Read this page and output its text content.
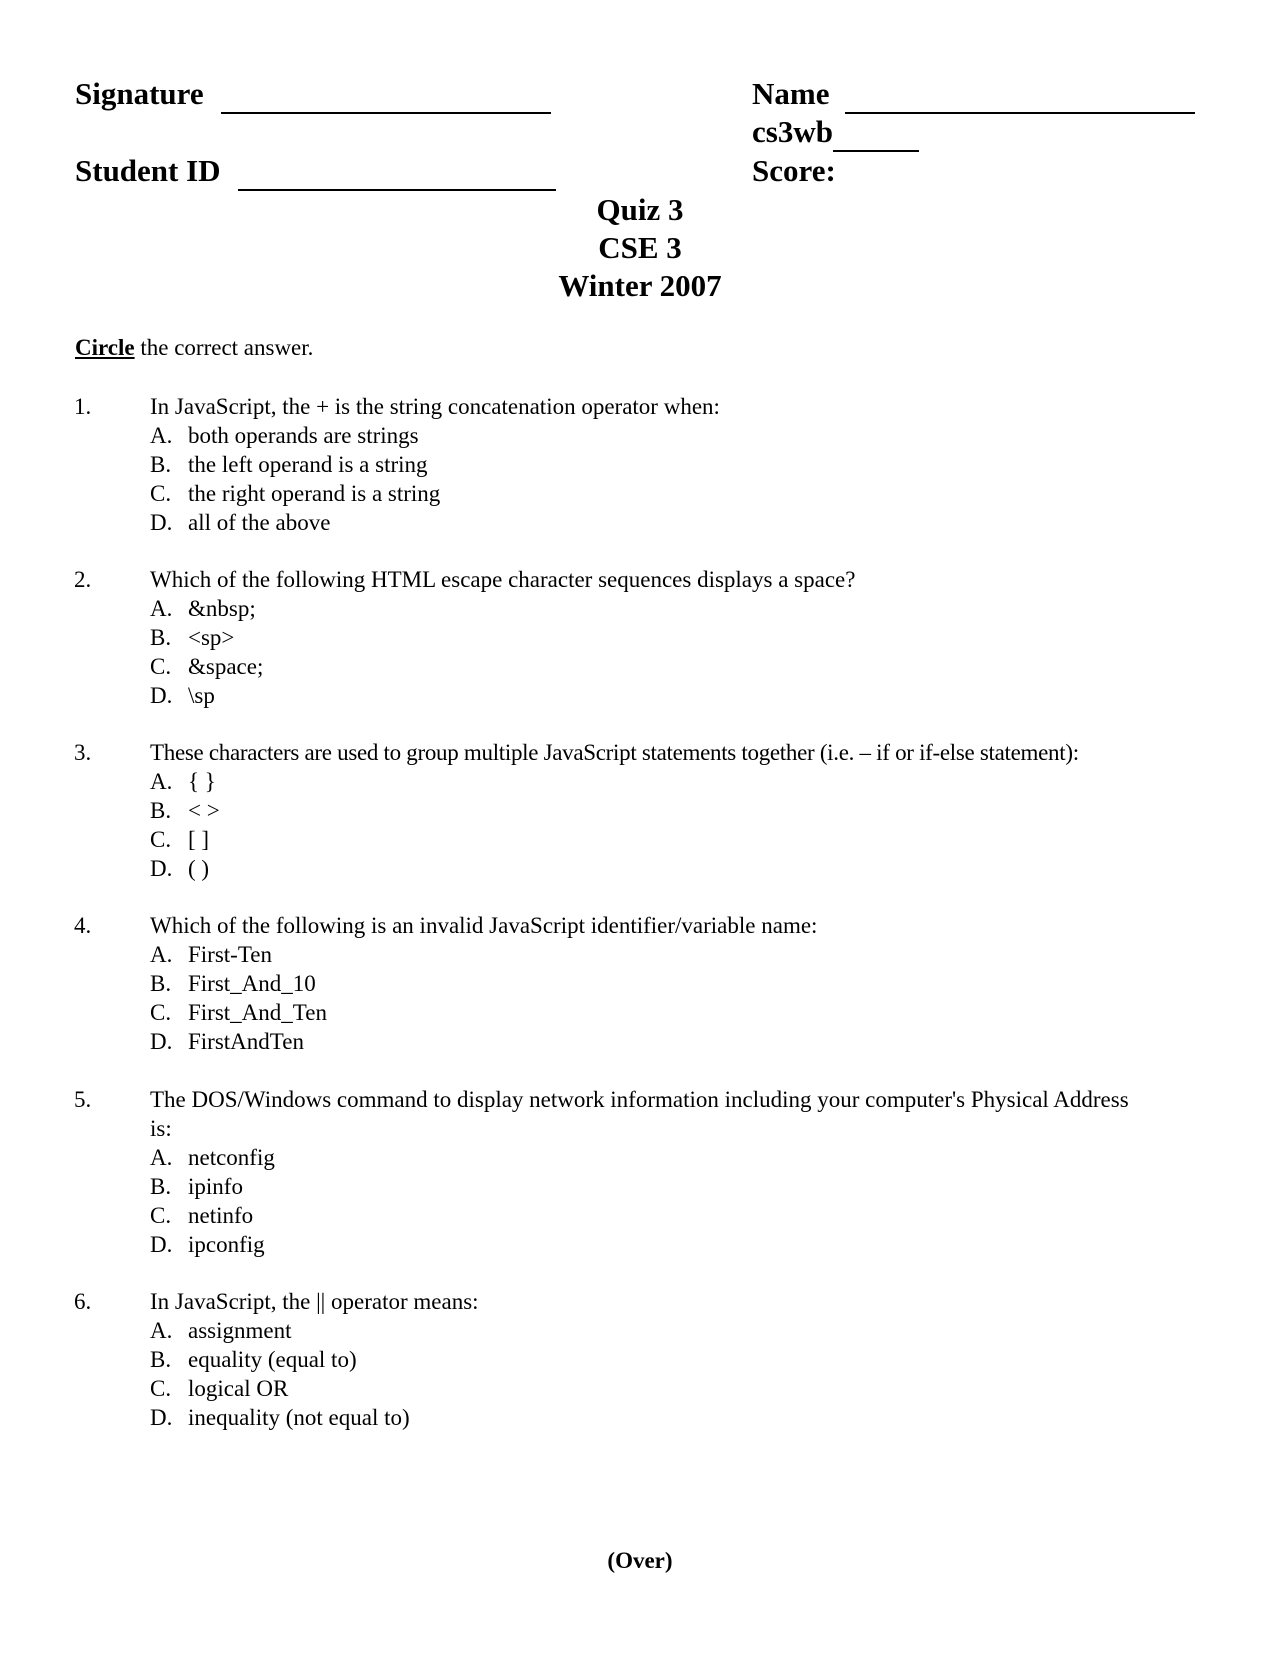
Signature
Student ID
Name
cs3wb
Score:
Quiz 3
CSE 3
Winter 2007
Circle the correct answer.
1.	In JavaScript, the + is the string concatenation operator when:
A. both operands are strings
B. the left operand is a string
C. the right operand is a string
D. all of the above
2.	Which of the following HTML escape character sequences displays a space?
A. &nbsp;
B. <sp>
C. &space;
D. \sp
3.	These characters are used to group multiple JavaScript statements together (i.e. – if or if-else statement):
A. { }
B. < >
C. [ ]
D. ( )
4.	Which of the following is an invalid JavaScript identifier/variable name:
A. First-Ten
B. First_And_10
C. First_And_Ten
D. FirstAndTen
5.	The DOS/Windows command to display network information including your computer's Physical Address is:
A. netconfig
B. ipinfo
C. netinfo
D. ipconfig
6.	In JavaScript, the || operator means:
A. assignment
B. equality (equal to)
C. logical OR
D. inequality (not equal to)
(Over)
